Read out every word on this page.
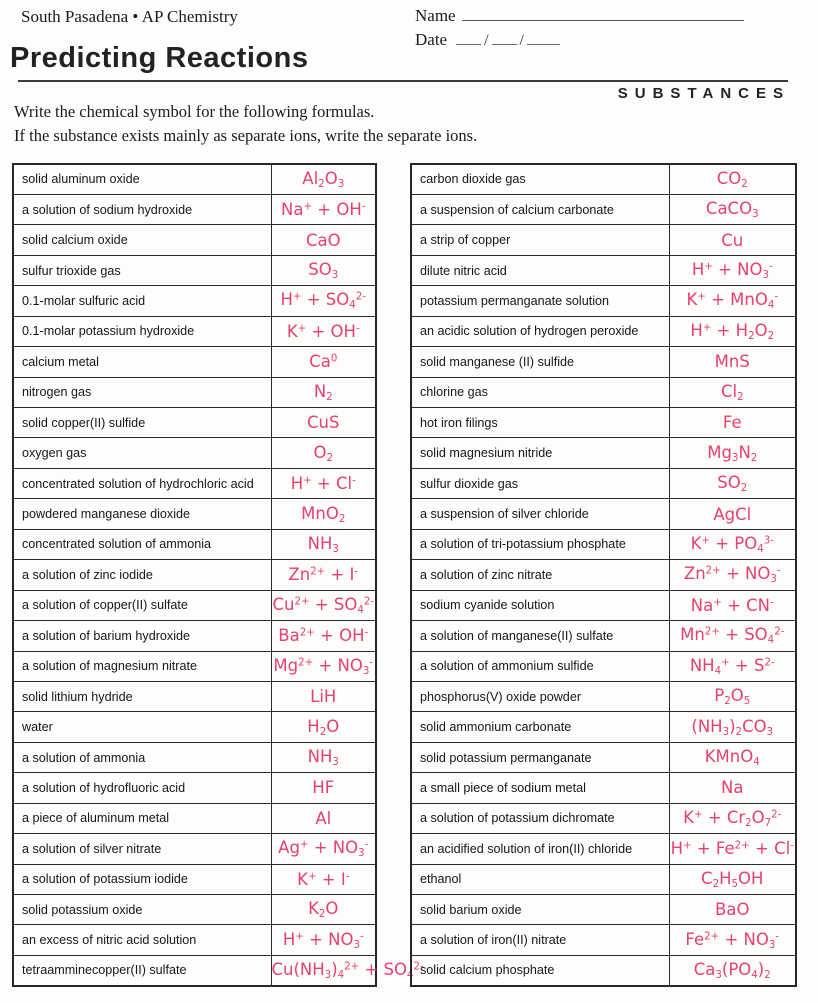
South Pasadena • AP Chemistry	Name
Date / /
Predicting Reactions
SUBSTANCES
Write the chemical symbol for the following formulas.
If the substance exists mainly as separate ions, write the separate ions.
solid aluminum oxide	$Al_2O_3$
a solution of sodium hydroxide	Na+ + OH-
solid calcium oxide	CaO
sulfur trioxide gas	$SO_3$
0.1-molar sulfuric acid	$H^+ + SO_4^{2-}$
0.1-molar potassium hydroxide	K+ + OH-
calcium metal	Ca$^0$
nitrogen gas	$N_2$
solid copper(II) sulfide	CuS
oxygen gas	$O_2$
concentrated solution of hydrochloric acid	H+ + Cl-
powdered manganese dioxide	MnO$_2$
concentrated solution of ammonia	$NH_3$
a solution of zinc iodide	$Zn^{2+} + I^-$
a solution of copper(II) sulfate	$Cu^{2+} + SO_4^{2-}$
a solution of barium hydroxide	$Ba^{2+} + OH^-$
a solution of magnesium nitrate	$Mg^{2+} + NO_3^-$
solid lithium hydride	LiH
water	$H_2O$
a solution of ammonia	$NH_3$
a solution of hydrofluoric acid	HF
a piece of aluminum metal	Al
a solution of silver nitrate	$Ag^+ + NO_3^-$
a solution of potassium iodide	K+ + I-
solid potassium oxide	$K_2O$
an excess of nitric acid solution	$H^+ + NO_3^-$
tetraamminecopper(II) sulfate	$Cu(NH_3)_4^{2+} + SO_4^{2-}$
carbon dioxide gas	$CO_2$
a suspension of calcium carbonate	CaCO$_3$
a strip of copper	Cu
dilute nitric acid	$H^+ + NO_3^-$
potassium permanganate solution	K+ + MnO$_4$-
an acidic solution of hydrogen peroxide	$H^+ + H_2O_2$
solid manganese (II) sulfide	MnS
chlorine gas	$Cl_2$
hot iron filings	Fe
solid magnesium nitride	$Mg_3N_2$
sulfur dioxide gas	$SO_2$
a suspension of silver chloride	AgCl
a solution of tri-potassium phosphate	$K^+ + PO_4^{3-}$
a solution of zinc nitrate	$Zn^{2+} + NO_3^-$
sodium cyanide solution	Na+ + CN-
a solution of manganese(II) sulfate	$Mn^{2+} + SO_4^{2-}$
a solution of ammonium sulfide	$NH_4^+ + S^{2-}$
phosphorus(V) oxide powder	$P_2O_5$
solid ammonium carbonate	$(NH_3)_2CO_3$
solid potassium permanganate	KMnO$_4$
a small piece of sodium metal	Na
a solution of potassium dichromate	$K^+ + Cr_2O_7^{2-}$
an acidified solution of iron(II) chloride	$H^+ + Fe^{2+} + Cl^-$
ethanol	$C_2H_5OH$
solid barium oxide	BaO
a solution of iron(II) nitrate	$Fe^{2+} + NO_3^-$
solid calcium phosphate	$Ca_3(PO_4)_2$
